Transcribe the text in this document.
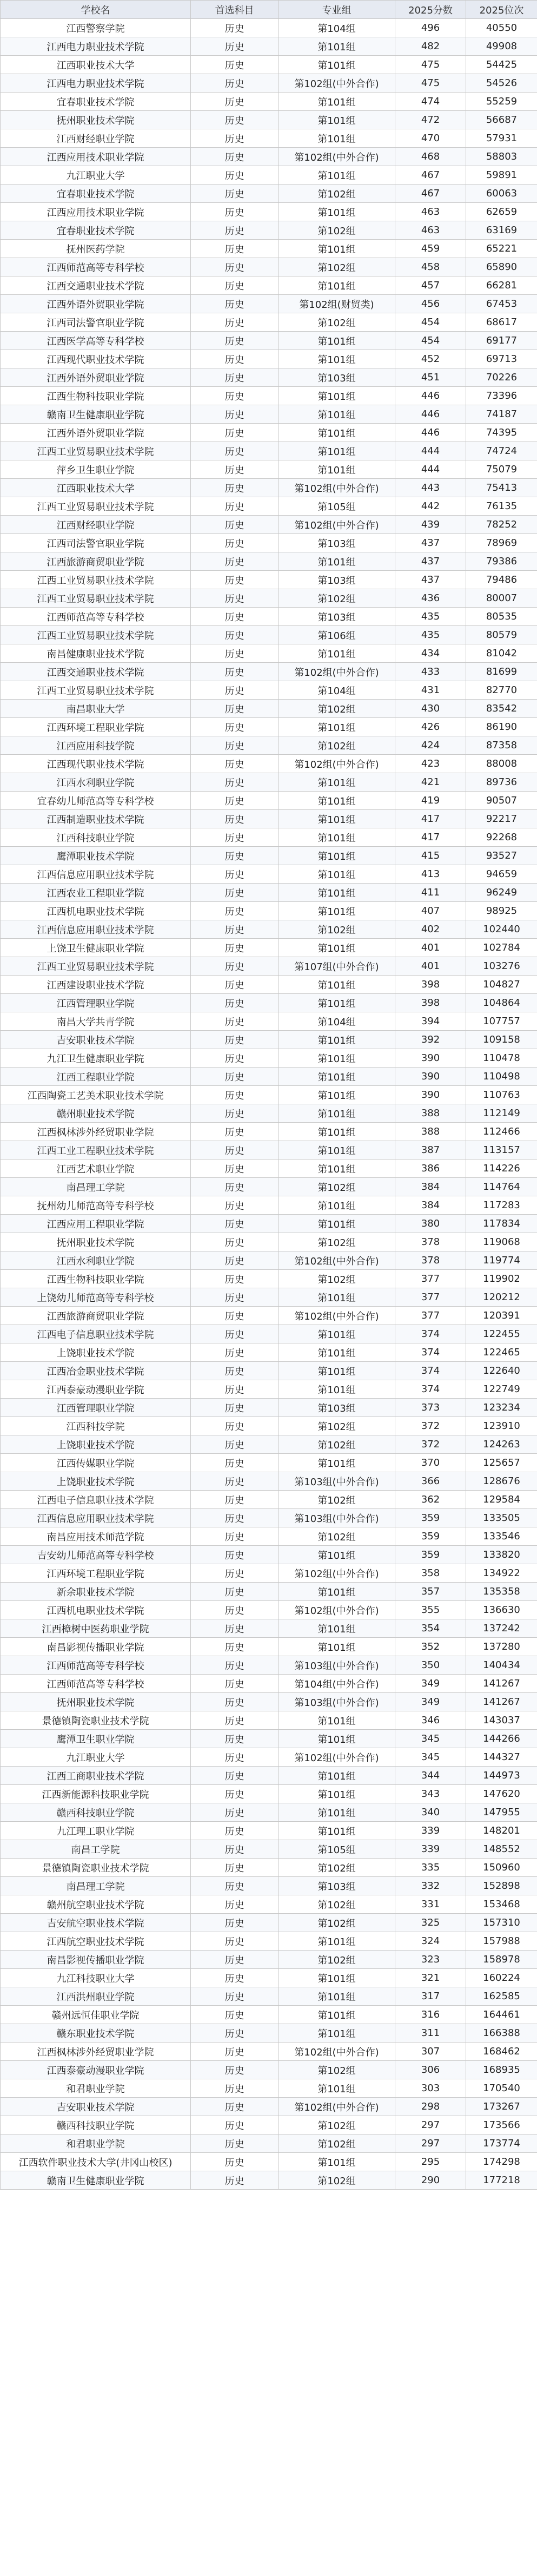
学校名	首选科目	专业组	2025分数	2025位次
江西警察学院	历史	第104组	496	40550
江西电力职业技术学院	历史	第101组	482	49908
江西职业技术大学	历史	第101组	475	54425
江西电力职业技术学院	历史	第102组(中外合作)	475	54526
宜春职业技术学院	历史	第101组	474	55259
抚州职业技术学院	历史	第101组	472	56687
江西财经职业学院	历史	第101组	470	57931
江西应用技术职业学院	历史	第102组(中外合作)	468	58803
九江职业大学	历史	第101组	467	59891
宜春职业技术学院	历史	第102组	467	60063
江西应用技术职业学院	历史	第101组	463	62659
宜春职业技术学院	历史	第102组	463	63169
抚州医药学院	历史	第101组	459	65221
江西师范高等专科学校	历史	第102组	458	65890
江西交通职业技术学院	历史	第101组	457	66281
江西外语外贸职业学院	历史	第102组(财贸类)	456	67453
江西司法警官职业学院	历史	第102组	454	68617
江西医学高等专科学校	历史	第101组	454	69177
江西现代职业技术学院	历史	第101组	452	69713
江西外语外贸职业学院	历史	第103组	451	70226
江西生物科技职业学院	历史	第101组	446	73396
赣南卫生健康职业学院	历史	第101组	446	74187
江西外语外贸职业学院	历史	第101组	446	74395
江西工业贸易职业技术学院	历史	第101组	444	74724
萍乡卫生职业学院	历史	第101组	444	75079
江西职业技术大学	历史	第102组(中外合作)	443	75413
江西工业贸易职业技术学院	历史	第105组	442	76135
江西财经职业学院	历史	第102组(中外合作)	439	78252
江西司法警官职业学院	历史	第103组	437	78969
江西旅游商贸职业学院	历史	第101组	437	79386
江西工业贸易职业技术学院	历史	第103组	437	79486
江西工业贸易职业技术学院	历史	第102组	436	80007
江西师范高等专科学校	历史	第103组	435	80535
江西工业贸易职业技术学院	历史	第106组	435	80579
南昌健康职业技术学院	历史	第101组	434	81042
江西交通职业技术学院	历史	第102组(中外合作)	433	81699
江西工业贸易职业技术学院	历史	第104组	431	82770
南昌职业大学	历史	第102组	430	83542
江西环境工程职业学院	历史	第101组	426	86190
江西应用科技学院	历史	第102组	424	87358
江西现代职业技术学院	历史	第102组(中外合作)	423	88008
江西水利职业学院	历史	第101组	421	89736
宜春幼儿师范高等专科学校	历史	第101组	419	90507
江西制造职业技术学院	历史	第101组	417	92217
江西科技职业学院	历史	第101组	417	92268
鹰潭职业技术学院	历史	第101组	415	93527
江西信息应用职业技术学院	历史	第101组	413	94659
江西农业工程职业学院	历史	第101组	411	96249
江西机电职业技术学院	历史	第101组	407	98925
江西信息应用职业技术学院	历史	第102组	402	102440
上饶卫生健康职业学院	历史	第101组	401	102784
江西工业贸易职业技术学院	历史	第107组(中外合作)	401	103276
江西建设职业技术学院	历史	第101组	398	104827
江西管理职业学院	历史	第101组	398	104864
南昌大学共青学院	历史	第104组	394	107757
吉安职业技术学院	历史	第101组	392	109158
九江卫生健康职业学院	历史	第101组	390	110478
江西工程职业学院	历史	第101组	390	110498
江西陶瓷工艺美术职业技术学院	历史	第101组	390	110763
赣州职业技术学院	历史	第101组	388	112149
江西枫林涉外经贸职业学院	历史	第101组	388	112466
江西工业工程职业技术学院	历史	第101组	387	113157
江西艺术职业学院	历史	第101组	386	114226
南昌理工学院	历史	第102组	384	114764
抚州幼儿师范高等专科学校	历史	第101组	384	117283
江西应用工程职业学院	历史	第101组	380	117834
抚州职业技术学院	历史	第102组	378	119068
江西水利职业学院	历史	第102组(中外合作)	378	119774
江西生物科技职业学院	历史	第102组	377	119902
上饶幼儿师范高等专科学校	历史	第101组	377	120212
江西旅游商贸职业学院	历史	第102组(中外合作)	377	120391
江西电子信息职业技术学院	历史	第101组	374	122455
上饶职业技术学院	历史	第101组	374	122465
江西冶金职业技术学院	历史	第101组	374	122640
江西泰豪动漫职业学院	历史	第101组	374	122749
江西管理职业学院	历史	第103组	373	123234
江西科技学院	历史	第102组	372	123910
上饶职业技术学院	历史	第102组	372	124263
江西传媒职业学院	历史	第101组	370	125657
上饶职业技术学院	历史	第103组(中外合作)	366	128676
江西电子信息职业技术学院	历史	第102组	362	129584
江西信息应用职业技术学院	历史	第103组(中外合作)	359	133505
南昌应用技术师范学院	历史	第102组	359	133546
吉安幼儿师范高等专科学校	历史	第101组	359	133820
江西环境工程职业学院	历史	第102组(中外合作)	358	134922
新余职业技术学院	历史	第101组	357	135358
江西机电职业技术学院	历史	第102组(中外合作)	355	136630
江西樟树中医药职业学院	历史	第101组	354	137242
南昌影视传播职业学院	历史	第101组	352	137280
江西师范高等专科学校	历史	第103组(中外合作)	350	140434
江西师范高等专科学校	历史	第104组(中外合作)	349	141267
抚州职业技术学院	历史	第103组(中外合作)	349	141267
景德镇陶瓷职业技术学院	历史	第101组	346	143037
鹰潭卫生职业学院	历史	第101组	345	144266
九江职业大学	历史	第102组(中外合作)	345	144327
江西工商职业技术学院	历史	第101组	344	144973
江西新能源科技职业学院	历史	第101组	343	147620
赣西科技职业学院	历史	第101组	340	147955
九江理工职业学院	历史	第101组	339	148201
南昌工学院	历史	第105组	339	148552
景德镇陶瓷职业技术学院	历史	第102组	335	150960
南昌理工学院	历史	第103组	332	152898
赣州航空职业技术学院	历史	第102组	331	153468
吉安航空职业技术学院	历史	第102组	325	157310
江西航空职业技术学院	历史	第101组	324	157988
南昌影视传播职业学院	历史	第102组	323	158978
九江科技职业大学	历史	第101组	321	160224
江西洪州职业学院	历史	第101组	317	162585
赣州远恒佳职业学院	历史	第101组	316	164461
赣东职业技术学院	历史	第101组	311	166388
江西枫林涉外经贸职业学院	历史	第102组(中外合作)	307	168462
江西泰豪动漫职业学院	历史	第102组	306	168935
和君职业学院	历史	第101组	303	170540
吉安职业技术学院	历史	第102组(中外合作)	298	173267
赣西科技职业学院	历史	第102组	297	173566
和君职业学院	历史	第102组	297	173774
江西软件职业技术大学(井冈山校区)	历史	第101组	295	174298
赣南卫生健康职业学院	历史	第102组	290	177218
